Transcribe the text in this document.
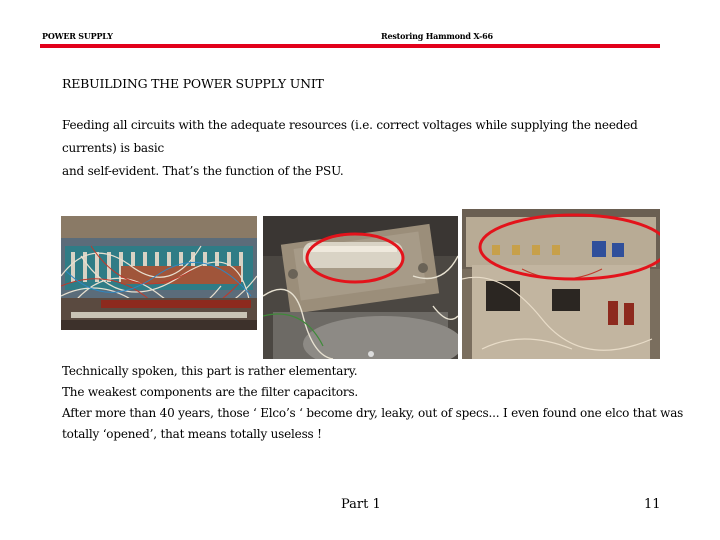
POWER SUPPLY	Restoring Hammond X-66
REBUILDING THE POWER SUPPLY UNIT
Feeding all circuits with the adequate resources (i.e. correct voltages while supplying the needed currents) is basic
and self-evident. That’s the function of the PSU.
Technically spoken, this part is rather elementary.
The weakest components are the filter capacitors.
After more than 40 years, those ‘ Elco’s ‘ become dry, leaky, out of specs... I even found one elco that was
totally ‘opened’, that means totally useless !
Part 1	11
